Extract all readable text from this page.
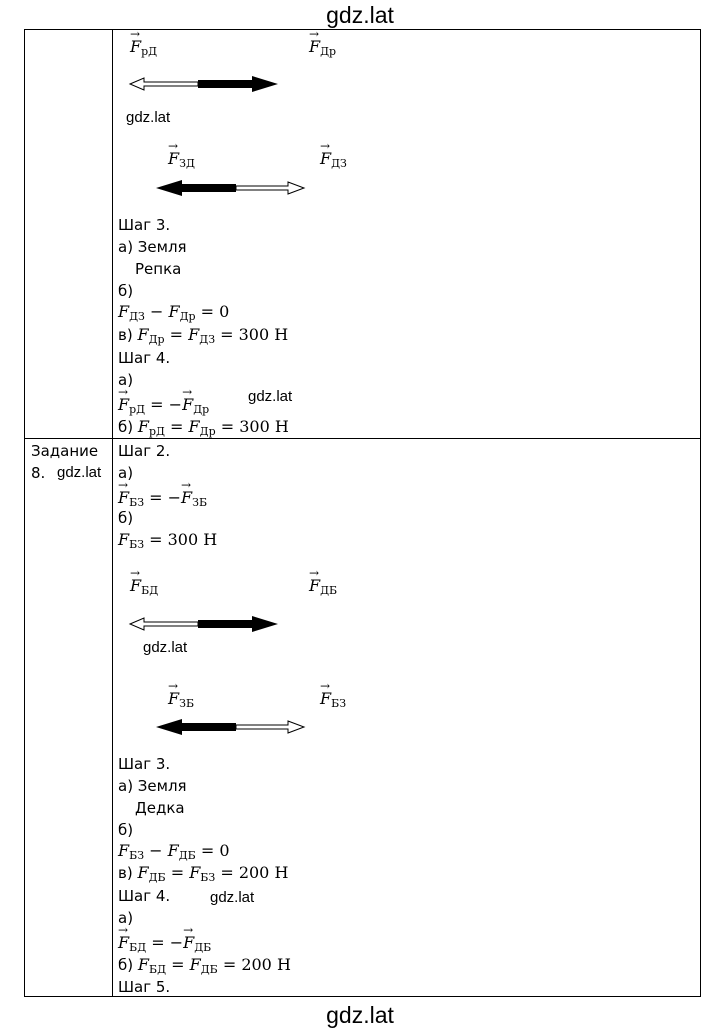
gdz.lat
→ $F_{рД}$	→ $F_{Др}$
gdz.lat
→ $F_{ЗД}$	→ $F_{ДЗ}$
Шаг 3.
а) Земля
Репка
б)
$F_{ДЗ} - F_{Др} = 0$
в) $F_{Др} = F_{ДЗ} = 300$ Н
Шаг 4.
а)
→ $F_{рД}$ = −→ $F_{Др}$
gdz.lat
б) $F_{рД} = F_{Др} = 300$ Н
Задание
8. gdz.lat
Шаг 2.
а)
→ $F_{БЗ}$ = −→ $F_{ЗБ}$
б)
$F_{БЗ} = 300$ Н
→ $F_{БД}$	→ $F_{ДБ}$
gdz.lat
→ $F_{ЗБ}$	→ $F_{БЗ}$
Шаг 3.
а) Земля
Дедка
б)
$F_{БЗ} - F_{ДБ} = 0$
в) $F_{ДБ} = F_{БЗ} = 200$ Н
Шаг 4.	gdz.lat
а)
→ $F_{БД}$ = −→ $F_{ДБ}$
б) $F_{БД} = F_{ДБ} = 200$ Н
Шаг 5.
gdz.lat
